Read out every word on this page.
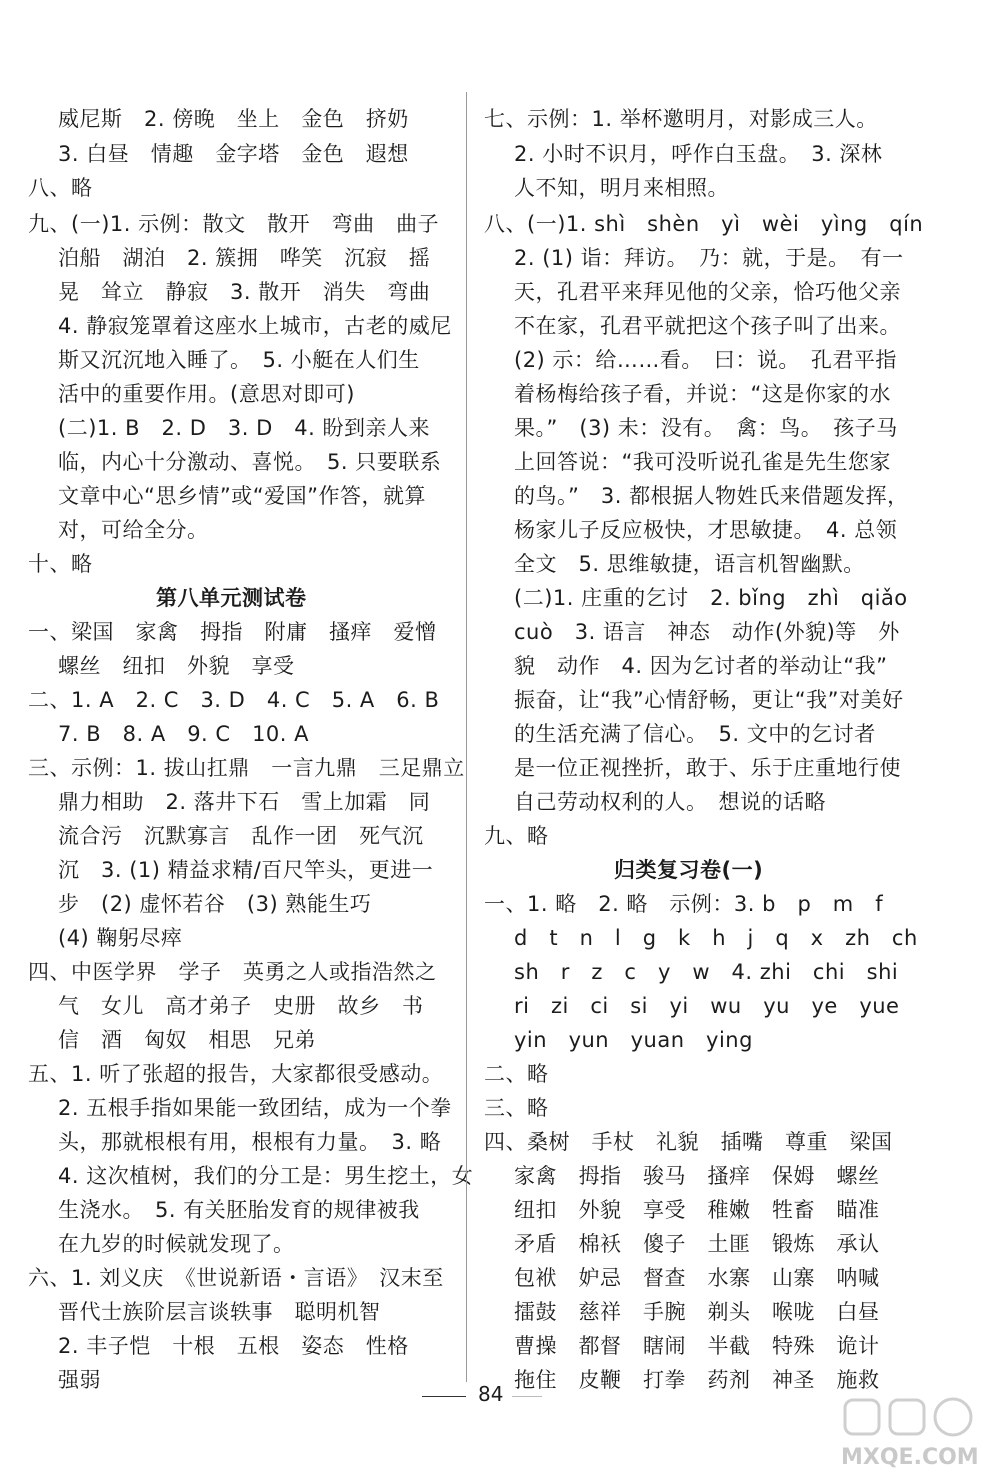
威尼斯　2. 傍晚　坐上　金色　挤奶
3. 白昼　情趣　金字塔　金色　遐想
八、略
九、(一)1. 示例：散文　散开　弯曲　曲子
泊船　湖泊　2. 簇拥　哗笑　沉寂　摇
晃　耸立　静寂　3. 散开　消失　弯曲
4. 静寂笼罩着这座水上城市，古老的威尼
斯又沉沉地入睡了。　5. 小艇在人们生
活中的重要作用。(意思对即可)
(二)1. B　2. D　3. D　4. 盼到亲人来
临，内心十分激动、喜悦。　5. 只要联系
文章中心“思乡情”或“爱国”作答，就算
对，可给全分。
十、略
第八单元测试卷
一、梁国　家禽　拇指　附庸　搔痒　爱憎
螺丝　纽扣　外貌　享受
二、1. A　2. C　3. D　4. C　5. A　6. B
7. B　8. A　9. C　10. A
三、示例：1. 拔山扛鼎　一言九鼎　三足鼎立
鼎力相助　2. 落井下石　雪上加霜　同
流合污　沉默寡言　乱作一团　死气沉
沉　3. (1) 精益求精/百尺竿头，更进一
步　(2) 虚怀若谷　(3) 熟能生巧
(4) 鞠躬尽瘁
四、中医学界　学子　英勇之人或指浩然之
气　女儿　高才弟子　史册　故乡　书
信　酒　匈奴　相思　兄弟
五、1. 听了张超的报告，大家都很受感动。
2. 五根手指如果能一致团结，成为一个拳
头，那就根根有用，根根有力量。　3. 略
4. 这次植树，我们的分工是：男生挖土，女
生浇水。　5. 有关胚胎发育的规律被我
在九岁的时候就发现了。
六、1. 刘义庆　《世说新语・言语》　汉末至
晋代士族阶层言谈轶事　聪明机智
2. 丰子恺　十根　五根　姿态　性格
强弱
七、示例：1. 举杯邀明月，对影成三人。
2. 小时不识月，呼作白玉盘。　3. 深林
人不知，明月来相照。
八、(一)1. shì　shèn　yì　wèi　yìng　qín
2. (1) 诣：拜访。　乃：就，于是。　有一
天，孔君平来拜见他的父亲，恰巧他父亲
不在家，孔君平就把这个孩子叫了出来。
(2) 示：给……看。　曰：说。　孔君平指
着杨梅给孩子看，并说：“这是你家的水
果。”　(3) 未：没有。　禽：鸟。　孩子马
上回答说：“我可没听说孔雀是先生您家
的鸟。”　3. 都根据人物姓氏来借题发挥，
杨家儿子反应极快，才思敏捷。　4. 总领
全文　5. 思维敏捷，语言机智幽默。
(二)1. 庄重的乞讨　2. bǐng　zhì　qiǎo
cuò　3. 语言　神态　动作(外貌)等　外
貌　动作　4. 因为乞讨者的举动让“我”
振奋，让“我”心情舒畅，更让“我”对美好
的生活充满了信心。　5. 文中的乞讨者
是一位正视挫折，敢于、乐于庄重地行使
自己劳动权利的人。　想说的话略
九、略
归类复习卷(一)
一、1. 略　2. 略　示例：3. b　p　m　f
d　t　n　l　g　k　h　j　q　x　zh　ch
sh　r　z　c　y　w　4. zhi　chi　shi
ri　zi　ci　si　yi　wu　yu　ye　yue
yin　yun　yuan　ying
二、略
三、略
四、桑树　手杖　礼貌　插嘴　尊重　梁国
家禽　拇指　骏马　搔痒　保姆　螺丝
纽扣　外貌　享受　稚嫩　牲畜　瞄准
矛盾　棉袄　傻子　土匪　锻炼　承认
包袱　妒忌　督查　水寨　山寨　呐喊
擂鼓　慈祥　手腕　剃头　喉咙　白昼
曹操　都督　瞎闹　半截　特殊　诡计
拖住　皮鞭　打拳　药剂　神圣　施救
84
MXQE.COM
